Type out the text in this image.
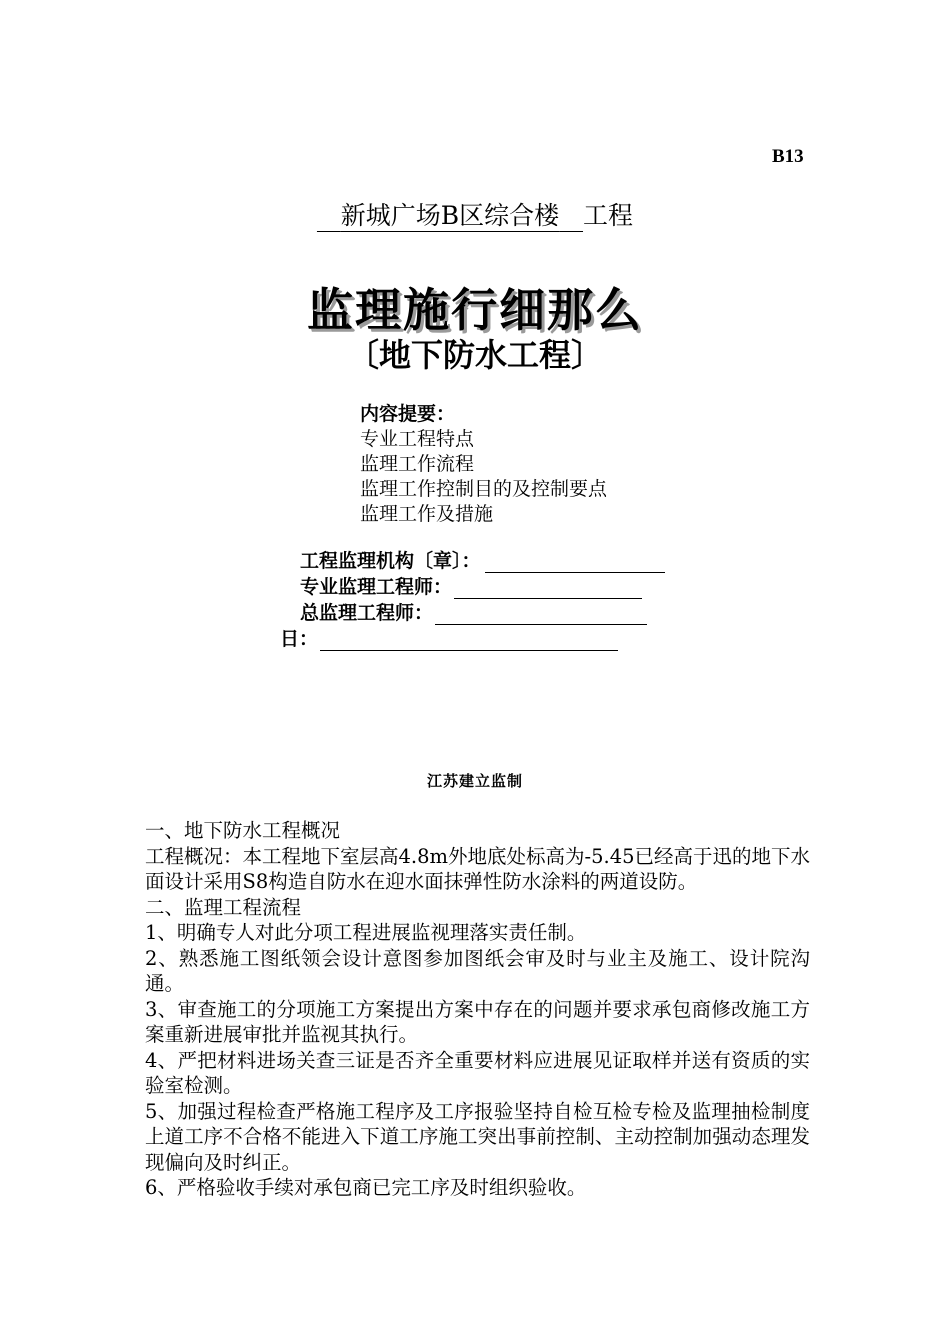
B13
新城广场B区综合楼 工程
监理施行细那么
〔地下防水工程〕
内容提要：
专业工程特点
监理工作流程
监理工作控制目的及控制要点
监理工作及措施
工程监理机构〔章〕：
专业监理工程师：
总监理工程师：
日：
江苏建立监制

一、地下防水工程概况

工程概况：本工程地下室层高4.8m外地底处标高为-5.45已经高于迅的地下水面设计采用S8构造自防水在迎水面抹弹性防水涂料的两道设防。

二、监理工程流程

1、明确专人对此分项工程进展监视理落实责任制。

2、熟悉施工图纸领会设计意图参加图纸会审及时与业主及施工、设计院沟通。

3、审查施工的分项施工方案提出方案中存在的问题并要求承包商修改施工方案重新进展审批并监视其执行。

4、严把材料进场关查三证是否齐全重要材料应进展见证取样并送有资质的实验室检测。

5、加强过程检查严格施工程序及工序报验坚持自检互检专检及监理抽检制度上道工序不合格不能进入下道工序施工突出事前控制、主动控制加强动态理发现偏向及时纠正。

6、严格验收手续对承包商已完工序及时组织验收。
